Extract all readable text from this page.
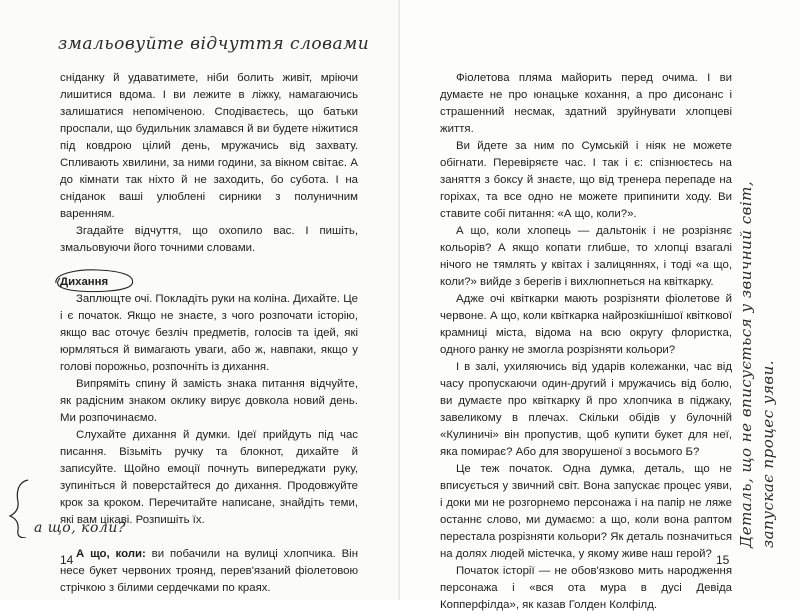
змальовуйте відчуття словами

сніданку й удаватимете, ніби болить живіт, мріючи лишитися вдома. І ви лежите в ліжку, намагаючись залишатися непоміченою. Сподіваєтесь, що батьки проспали, що будильник зламався й ви будете ніжитися під ковдрою цілий день, мружачись від захвату. Спливають хвилини, за ними години, за вікном світає. А до кімнати так ніхто й не заходить, бо субота. І на сніданок ваші улюблені сирники з полуничним варенням.

Згадайте відчуття, що охопило вас. І пишіть, змальовуючи його точними словами.

Дихання

Заплющте очі. Покладіть руки на коліна. Дихайте. Це і є початок. Якщо не знаєте, з чого розпочати історію, якщо вас оточує безліч предметів, голосів та ідей, які юрмляться й вимагають уваги, або ж, навпаки, якщо у голові порожньо, розпочніть із дихання.

Випряміть спину й замість знака питання відчуйте, як радісним знаком оклику вирує довкола новий день. Ми розпочинаємо.

Слухайте дихання й думки. Ідеї прийдуть під час писання. Візьміть ручку та блокнот, дихайте й записуйте. Щойно емоції почнуть випереджати руку, зупиніться й поверстайтеся до дихання. Продовжуйте крок за кроком. Перечитайте написане, знайдіть теми, які вам цікаві. Розпишіть їх.

А що, коли: ви побачили на вулиці хлопчика. Він несе букет червоних троянд, перев'язаний фіолетовою стрічкою з білими сердечками по краях.

а що, коли?
14

Фіолетова пляма майорить перед очима. І ви думаєте не про юнацьке кохання, а про дисонанс і страшенний несмак, здатний зруйнувати хлопцеві життя.

Ви йдете за ним по Сумській і ніяк не можете обігнати. Перевіряєте час. І так і є: спізнюєтесь на заняття з боксу й знаєте, що від тренера перепаде на горіхах, та все одно не можете припинити ходу. Ви ставите собі питання: «А що, коли?».

А що, коли хлопець — дальтонік і не розрізняє кольорів? А якщо копати глибше, то хлопці взагалі нічого не тямлять у квітах і залицяннях, і тоді «а що, коли?» вийде з берегів і вихлюпнеться на квіткарку.

Адже очі квіткарки мають розрізняти фіолетове й червоне. А що, коли квіткарка найрозкішнішої квіткової крамниці міста, відома на всю округу флористка, одного ранку не змогла розрізняти кольори?

І в залі, ухиляючись від ударів колежанки, час від часу пропускаючи один-другий і мружачись від болю, ви думаєте про квіткарку й про хлопчика в піджаку, завеликому в плечах. Скільки обідів у булочній «Кулиничі» він пропустив, щоб купити букет для неї, яка помирає? Або для зворушеної з восьмого Б?

Це теж початок. Одна думка, деталь, що не вписується у звичний світ. Вона запускає процес уяви, і доки ми не розгорнемо персонажа і на папір не ляже останнє слово, ми думаємо: а що, коли вона раптом перестала розрізняти кольори? Як деталь позначиться на долях людей містечка, у якому живе наш герой?

Початок історії — не обов'язково мить народження персонажа і «вся ота мура в дусі Девіда Копперфілда», як казав Голден Колфілд.

15
Деталь, що не вписується у звичний світ, запускає процес уяви.
